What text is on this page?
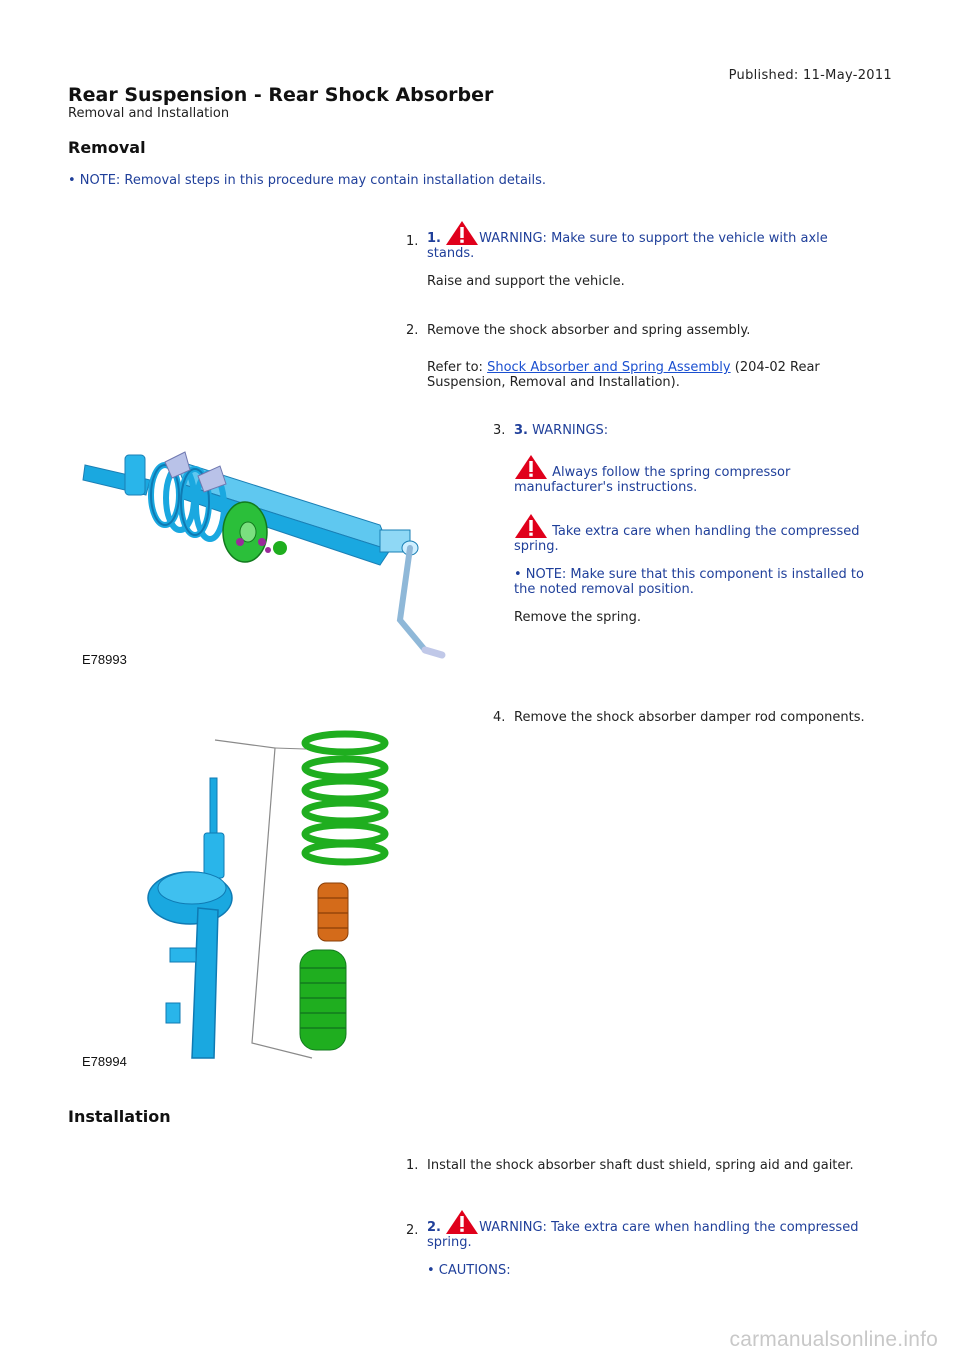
Published: 11-May-2011
Rear Suspension - Rear Shock Absorber
Removal and Installation
Removal
• NOTE: Removal steps in this procedure may contain installation details.
1. 1.	WARNING: Make sure to support the vehicle with axle stands.
Raise and support the vehicle.
2. Remove the shock absorber and spring assembly.
Refer to: Shock Absorber and Spring Assembly (204-02 Rear Suspension, Removal and Installation).
E78993
3. 3. WARNINGS:
Always follow the spring compressor manufacturer's instructions.
Take extra care when handling the compressed spring.
• NOTE: Make sure that this component is installed to the noted removal position.
Remove the spring.
4. Remove the shock absorber damper rod components.
E78994
Installation
1. Install the shock absorber shaft dust shield, spring aid and gaiter.
2. 2.	WARNING: Take extra care when handling the compressed spring.
• CAUTIONS:
carmanualsonline.info
